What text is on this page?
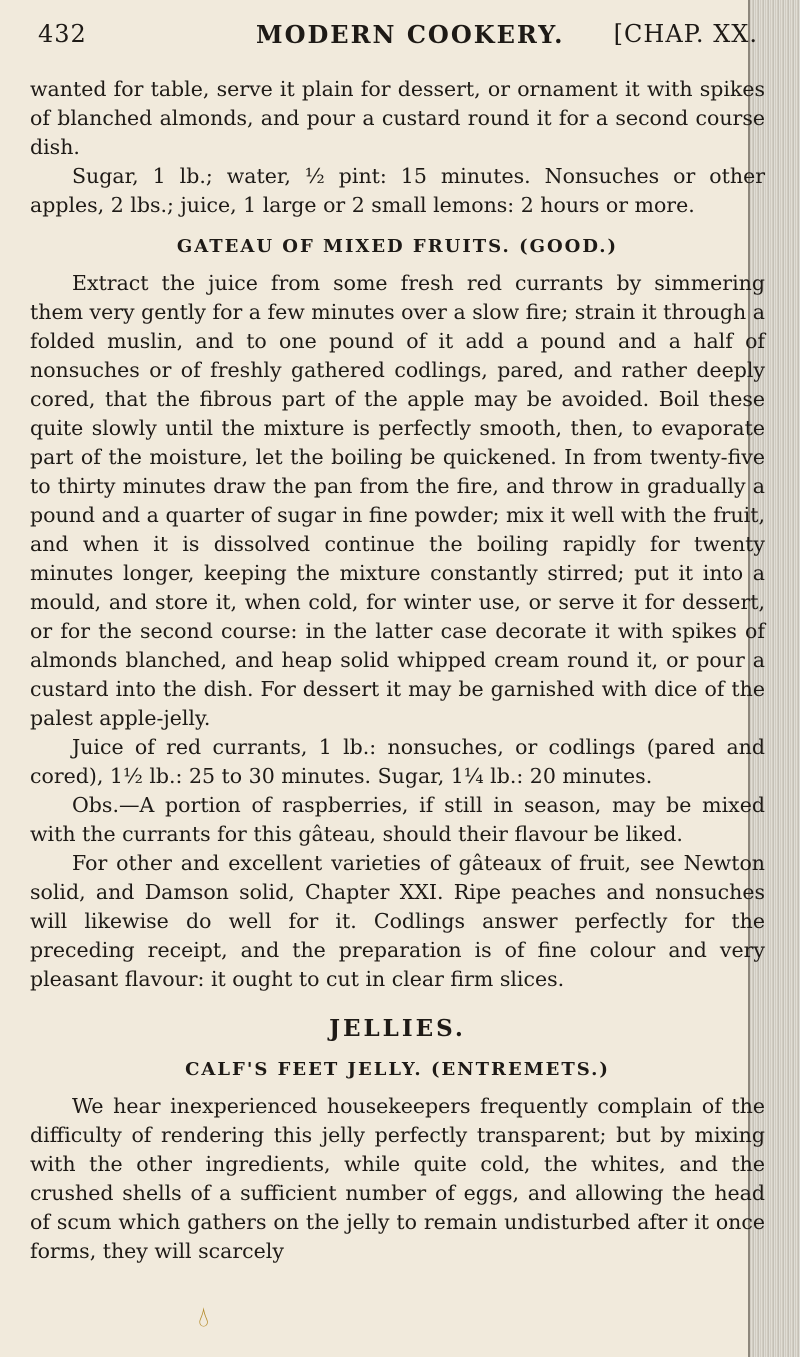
432	MODERN COOKERY. [CHAP. XX.

wanted for table, serve it plain for dessert, or ornament it with spikes of blanched almonds, and pour a custard round it for a second course dish.

Sugar, 1 lb.; water, ½ pint: 15 minutes. Nonsuches or other apples, 2 lbs.; juice, 1 large or 2 small lemons: 2 hours or more.

GATEAU OF MIXED FRUITS. (GOOD.)

Extract the juice from some fresh red currants by simmering them very gently for a few minutes over a slow fire; strain it through a folded muslin, and to one pound of it add a pound and a half of nonsuches or of freshly gathered codlings, pared, and rather deeply cored, that the fibrous part of the apple may be avoided. Boil these quite slowly until the mixture is perfectly smooth, then, to evaporate part of the moisture, let the boiling be quickened. In from twenty-five to thirty minutes draw the pan from the fire, and throw in gradually a pound and a quarter of sugar in fine powder; mix it well with the fruit, and when it is dissolved continue the boiling rapidly for twenty minutes longer, keeping the mixture constantly stirred; put it into a mould, and store it, when cold, for winter use, or serve it for dessert, or for the second course: in the latter case decorate it with spikes of almonds blanched, and heap solid whipped cream round it, or pour a custard into the dish. For dessert it may be garnished with dice of the palest apple-jelly.

Juice of red currants, 1 lb.: nonsuches, or codlings (pared and cored), 1½ lb.: 25 to 30 minutes. Sugar, 1¼ lb.: 20 minutes.

Obs.—A portion of raspberries, if still in season, may be mixed with the currants for this gâteau, should their flavour be liked.

For other and excellent varieties of gâteaux of fruit, see Newton solid, and Damson solid, Chapter XXI. Ripe peaches and nonsuches will likewise do well for it. Codlings answer perfectly for the preceding receipt, and the preparation is of fine colour and very pleasant flavour: it ought to cut in clear firm slices.

JELLIES.
CALF'S FEET JELLY. (ENTREMETS.)

We hear inexperienced housekeepers frequently complain of the difficulty of rendering this jelly perfectly transparent; but by mixing with the other ingredients, while quite cold, the whites, and the crushed shells of a sufficient number of eggs, and allowing the head of scum which gathers on the jelly to remain undisturbed after it once forms, they will scarcely

💧︎
